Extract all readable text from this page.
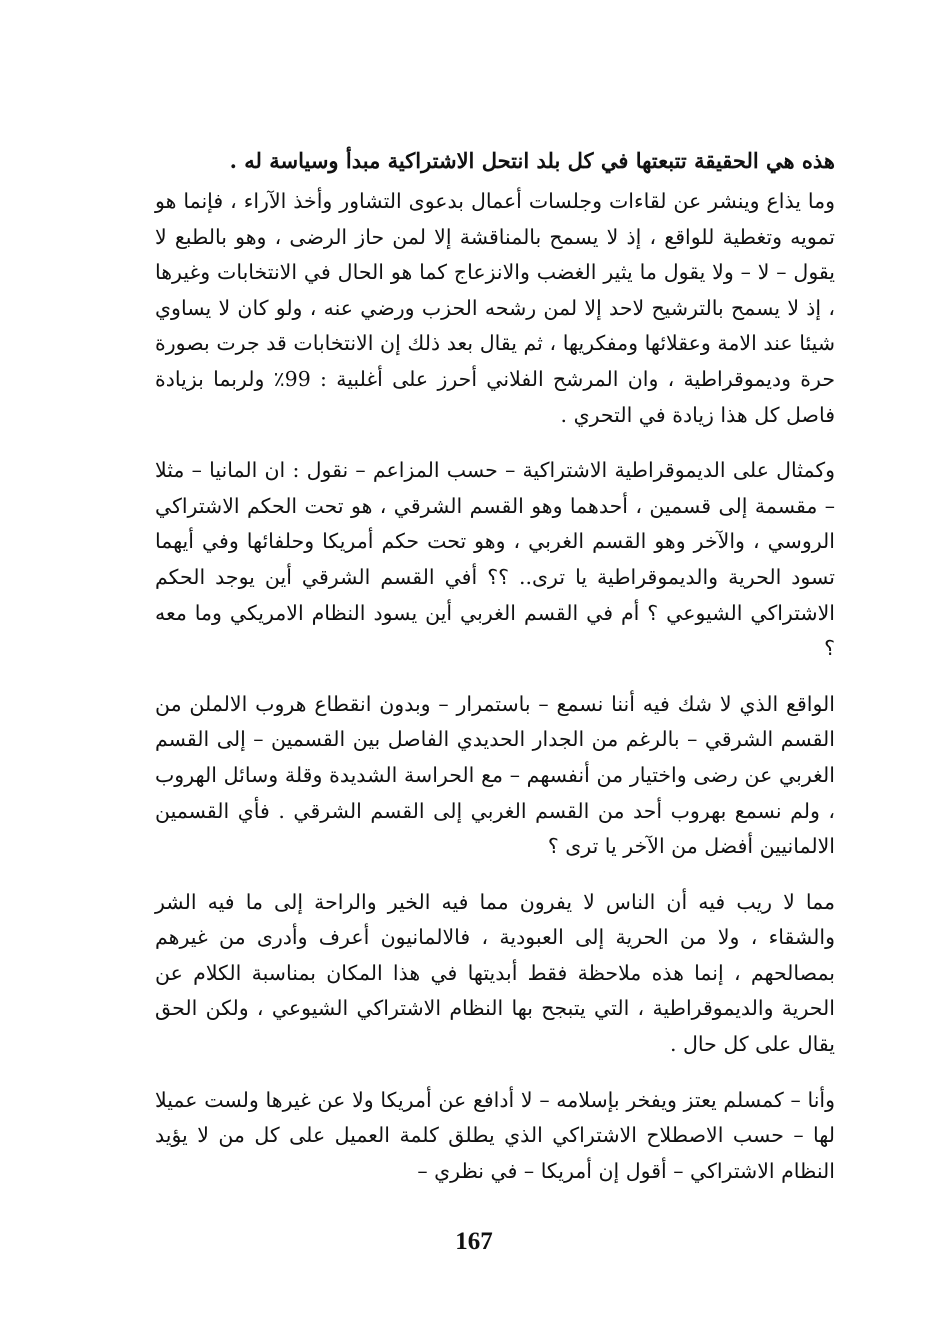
هذه هي الحقيقة تتبعتها في كل بلد انتحل الاشتراكية مبدأ وسياسة له .

وما يذاع وينشر عن لقاءات وجلسات أعمال بدعوى التشاور وأخذ الآراء ، فإنما هو تمويه وتغطية للواقع ، إذ لا يسمح بالمناقشة إلا لمن حاز الرضى ، وهو بالطبع لا يقول – لا – ولا يقول ما يثير الغضب والانزعاج كما هو الحال في الانتخابات وغيرها ، إذ لا يسمح بالترشيح لاحد إلا لمن رشحه الحزب ورضي عنه ، ولو كان لا يساوي شيئا عند الامة وعقلائها ومفكريها ، ثم يقال بعد ذلك إن الانتخابات قد جرت بصورة حرة وديموقراطية ، وان المرشح الفلاني أحرز على أغلبية : 99٪ ولربما بزيادة فاصل كل هذا زيادة في التحري .

وكمثال على الديموقراطية الاشتراكية – حسب المزاعم – نقول : ان المانيا – مثلا – مقسمة إلى قسمين ، أحدهما وهو القسم الشرقي ، هو تحت الحكم الاشتراكي الروسي ، والآخر وهو القسم الغربي ، وهو تحت حكم أمريكا وحلفائها وفي أيهما تسود الحرية والديموقراطية يا ترى.. ؟؟ أفي القسم الشرقي أين يوجد الحكم الاشتراكي الشيوعي ؟ أم في القسم الغربي أين يسود النظام الامريكي وما معه ؟

الواقع الذي لا شك فيه أننا نسمع – باستمرار – وبدون انقطاع هروب الالملن من القسم الشرقي – بالرغم من الجدار الحديدي الفاصل بين القسمين – إلى القسم الغربي عن رضى واختيار من أنفسهم – مع الحراسة الشديدة وقلة وسائل الهروب ، ولم نسمع بهروب أحد من القسم الغربي إلى القسم الشرقي . فأي القسمين الالمانيين أفضل من الآخر يا ترى ؟

مما لا ريب فيه أن الناس لا يفرون مما فيه الخير والراحة إلى ما فيه الشر والشقاء ، ولا من الحرية إلى العبودية ، فالالمانيون أعرف وأدرى من غيرهم بمصالحهم ، إنما هذه ملاحظة فقط أبديتها في هذا المكان بمناسبة الكلام عن الحرية والديموقراطية ، التي يتبجح بها النظام الاشتراكي الشيوعي ، ولكن الحق يقال على كل حال .

وأنا – كمسلم يعتز ويفخر بإسلامه – لا أدافع عن أمريكا ولا عن غيرها ولست عميلا لها – حسب الاصطلاح الاشتراكي الذي يطلق كلمة العميل على كل من لا يؤيد النظام الاشتراكي – أقول إن أمريكا – في نظري –

167
